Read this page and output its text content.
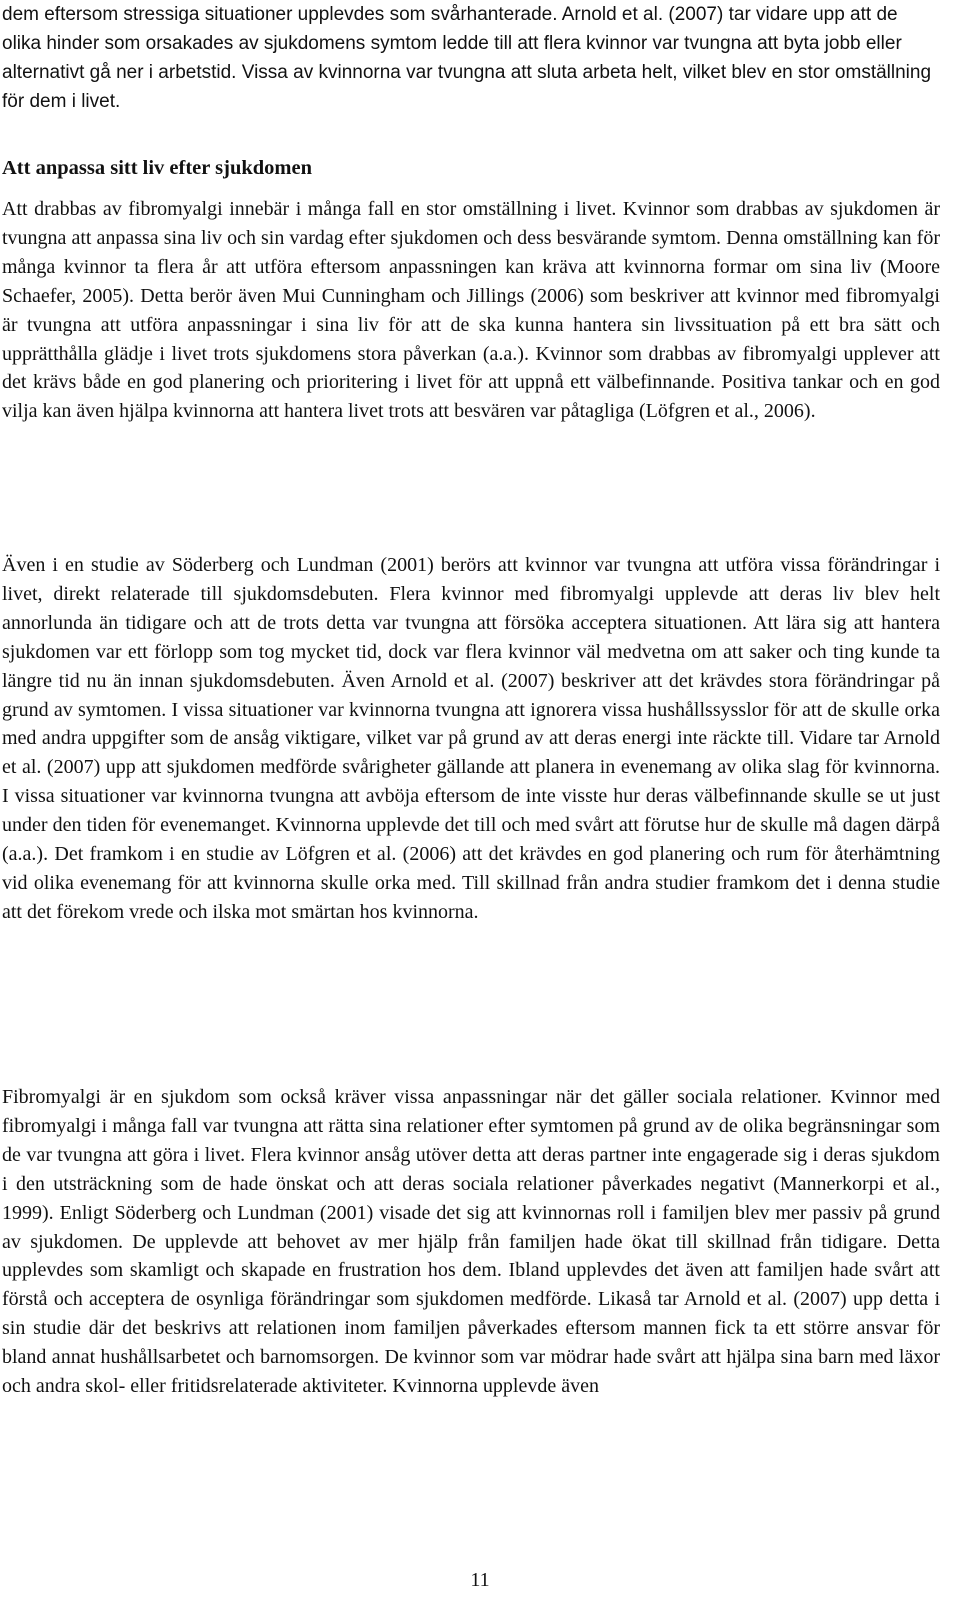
dem eftersom stressiga situationer upplevdes som svårhanterade. Arnold et al. (2007) tar vidare upp att de olika hinder som orsakades av sjukdomens symtom ledde till att flera kvinnor var tvungna att byta jobb eller alternativt gå ner i arbetstid. Vissa av kvinnorna var tvungna att sluta arbeta helt, vilket blev en stor omställning för dem i livet.

Att anpassa sitt liv efter sjukdomen

Att drabbas av fibromyalgi innebär i många fall en stor omställning i livet. Kvinnor som drabbas av sjukdomen är tvungna att anpassa sina liv och sin vardag efter sjukdomen och dess besvärande symtom. Denna omställning kan för många kvinnor ta flera år att utföra eftersom anpassningen kan kräva att kvinnorna formar om sina liv (Moore Schaefer, 2005). Detta berör även Mui Cunningham och Jillings (2006) som beskriver att kvinnor med fibromyalgi är tvungna att utföra anpassningar i sina liv för att de ska kunna hantera sin livssituation på ett bra sätt och upprätthålla glädje i livet trots sjukdomens stora påverkan (a.a.). Kvinnor som drabbas av fibromyalgi upplever att det krävs både en god planering och prioritering i livet för att uppnå ett välbefinnande. Positiva tankar och en god vilja kan även hjälpa kvinnorna att hantera livet trots att besvären var påtagliga (Löfgren et al., 2006).

Även i en studie av Söderberg och Lundman (2001) berörs att kvinnor var tvungna att utföra vissa förändringar i livet, direkt relaterade till sjukdomsdebuten. Flera kvinnor med fibromyalgi upplevde att deras liv blev helt annorlunda än tidigare och att de trots detta var tvungna att försöka acceptera situationen. Att lära sig att hantera sjukdomen var ett förlopp som tog mycket tid, dock var flera kvinnor väl medvetna om att saker och ting kunde ta längre tid nu än innan sjukdomsdebuten. Även Arnold et al. (2007) beskriver att det krävdes stora förändringar på grund av symtomen. I vissa situationer var kvinnorna tvungna att ignorera vissa hushållssysslor för att de skulle orka med andra uppgifter som de ansåg viktigare, vilket var på grund av att deras energi inte räckte till. Vidare tar Arnold et al. (2007) upp att sjukdomen medförde svårigheter gällande att planera in evenemang av olika slag för kvinnorna. I vissa situationer var kvinnorna tvungna att avböja eftersom de inte visste hur deras välbefinnande skulle se ut just under den tiden för evenemanget. Kvinnorna upplevde det till och med svårt att förutse hur de skulle må dagen därpå (a.a.). Det framkom i en studie av Löfgren et al. (2006) att det krävdes en god planering och rum för återhämtning vid olika evenemang för att kvinnorna skulle orka med. Till skillnad från andra studier framkom det i denna studie att det förekom vrede och ilska mot smärtan hos kvinnorna.

Fibromyalgi är en sjukdom som också kräver vissa anpassningar när det gäller sociala relationer. Kvinnor med fibromyalgi i många fall var tvungna att rätta sina relationer efter symtomen på grund av de olika begränsningar som de var tvungna att göra i livet. Flera kvinnor ansåg utöver detta att deras partner inte engagerade sig i deras sjukdom i den utsträckning som de hade önskat och att deras sociala relationer påverkades negativt (Mannerkorpi et al., 1999). Enligt Söderberg och Lundman (2001) visade det sig att kvinnornas roll i familjen blev mer passiv på grund av sjukdomen. De upplevde att behovet av mer hjälp från familjen hade ökat till skillnad från tidigare. Detta upplevdes som skamligt och skapade en frustration hos dem. Ibland upplevdes det även att familjen hade svårt att förstå och acceptera de osynliga förändringar som sjukdomen medförde. Likaså tar Arnold et al. (2007) upp detta i sin studie där det beskrivs att relationen inom familjen påverkades eftersom mannen fick ta ett större ansvar för bland annat hushållsarbetet och barnomsorgen. De kvinnor som var mödrar hade svårt att hjälpa sina barn med läxor och andra skol- eller fritidsrelaterade aktiviteter. Kvinnorna upplevde även

11
